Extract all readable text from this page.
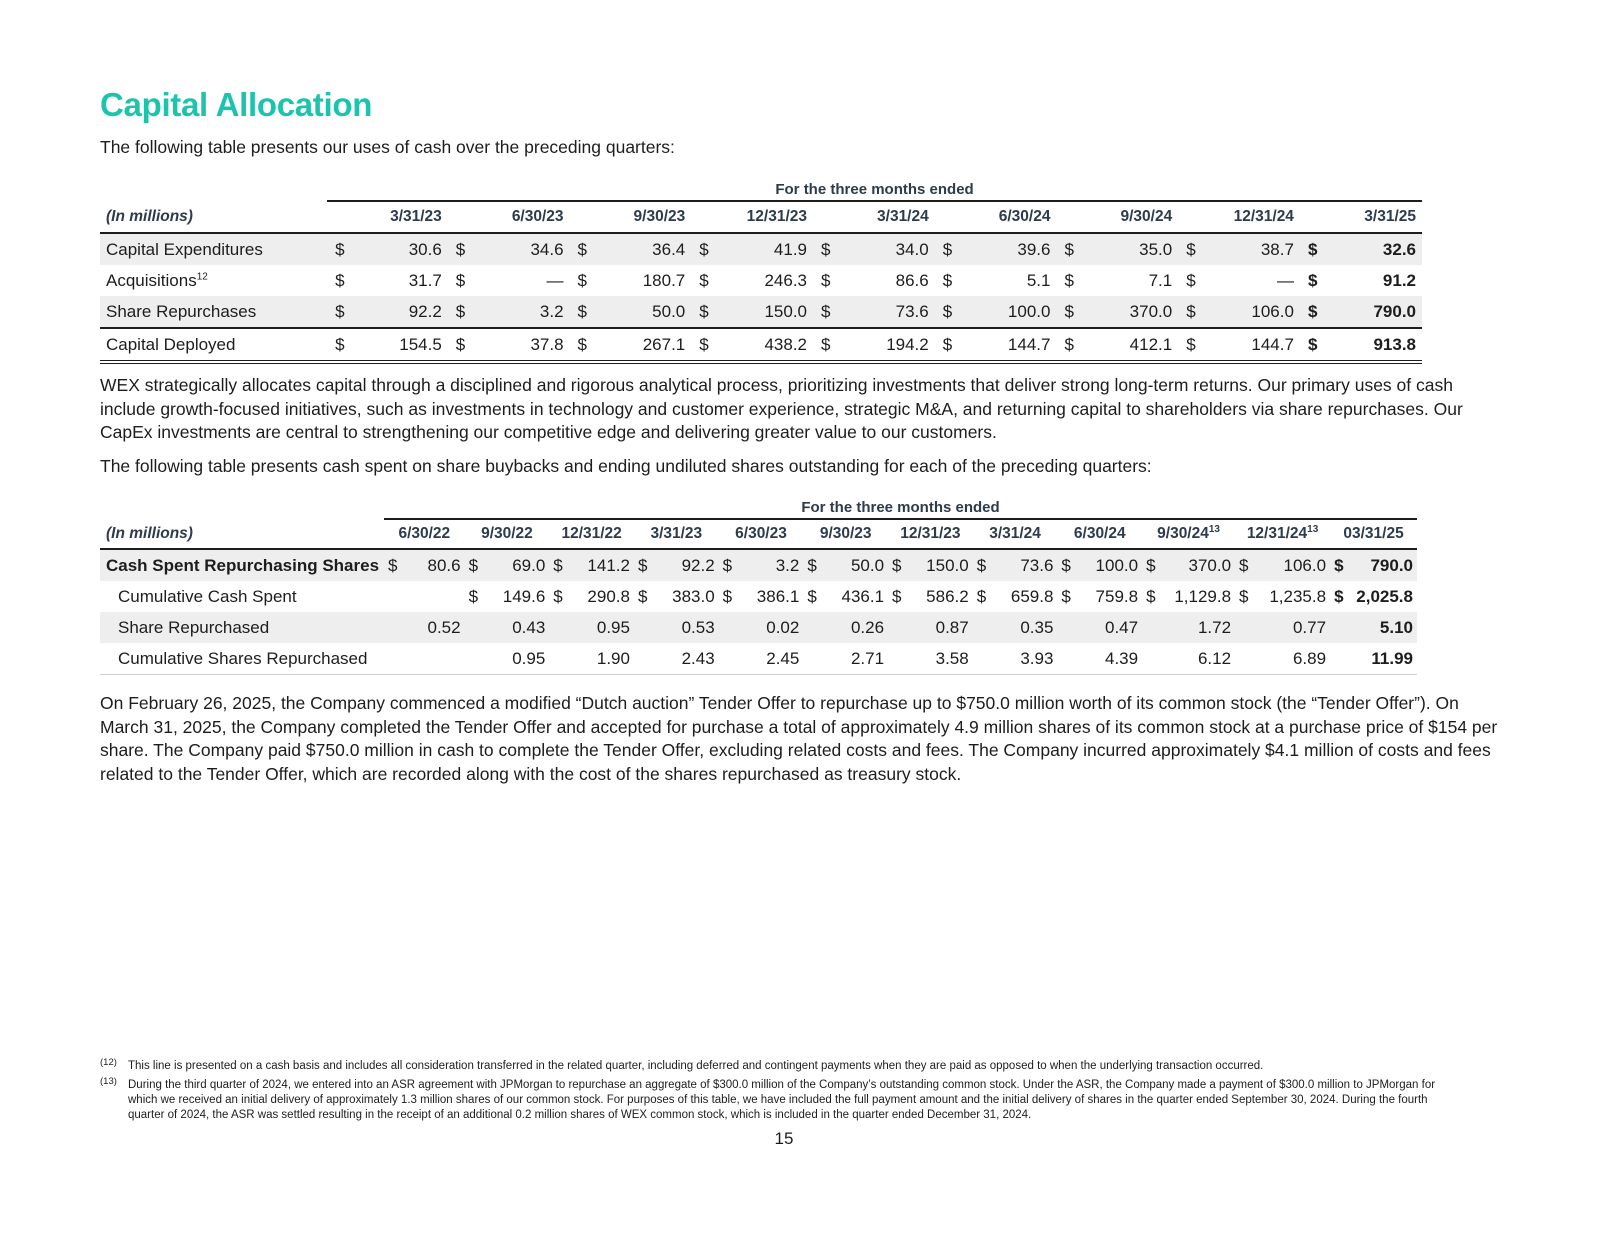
Capital Allocation

The following table presents our uses of cash over the preceding quarters:

	For the three months ended																	
(In millions)	3/31/23		6/30/23		9/30/23		12/31/23		3/31/24		6/30/24		9/30/24		12/31/24		3/31/25	
Capital Expenditures	$	30.6	$	34.6	$	36.4	$	41.9	$	34.0	$	39.6	$	35.0	$	38.7	$	32.6
Acquisitions$^{12}$	$	31.7	$	—	$	180.7	$	246.3	$	86.6	$	5.1	$	7.1	$	—	$	91.2
Share Repurchases	$	92.2	$	3.2	$	50.0	$	150.0	$	73.6	$	100.0	$	370.0	$	106.0	$	790.0
Capital Deployed	$	154.5	$	37.8	$	267.1	$	438.2	$	194.2	$	144.7	$	412.1	$	144.7	$	913.8

WEX strategically allocates capital through a disciplined and rigorous analytical process, prioritizing investments that deliver strong long-term returns. Our primary uses of cash include growth-focused initiatives, such as investments in technology and customer experience, strategic M&A, and returning capital to shareholders via share repurchases. Our CapEx investments are central to strengthening our competitive edge and delivering greater value to our customers.

The following table presents cash spent on share buybacks and ending undiluted shares outstanding for each of the preceding quarters:

	For the three months ended											
(In millions)	6/30/22	9/30/22	12/31/22	3/31/23	6/30/23	9/30/23	12/31/23	3/31/24	6/30/24	$9/30/24^{13}$	$12/31/24^{13}$	03/31/25
Cash Spent Repurchasing Shares	$ 80.6	$ 69.0	$ 141.2	$ 92.2	$ 3.2	$ 50.0	$ 150.0	$ 73.6	$ 100.0	$ 370.0	$ 106.0	$ 790.0

Cumulative Cash Spent		$ 149.6	$ 290.8	$ 383.0	$ 386.1	$ 436.1	$ 586.2	$ 659.8	$ 759.8	$ 1,129.8	$ 1,235.8	$ 2,025.8

Share Repurchased	0.52	0.43	0.95	0.53	0.02	0.26	0.87	0.35	0.47	1.72	0.77	5.10
Cumulative Shares Repurchased		0.95	1.90	2.43	2.45	2.71	3.58	3.93	4.39	6.12	6.89	11.99

On February 26, 2025, the Company commenced a modified “Dutch auction” Tender Offer to repurchase up to $750.0 million worth of its common stock (the “Tender Offer”). On March 31, 2025, the Company completed the Tender Offer and accepted for purchase a total of approximately 4.9 million shares of its common stock at a purchase price of $154 per share. The Company paid $750.0 million in cash to complete the Tender Offer, excluding related costs and fees. The Company incurred approximately $4.1 million of costs and fees related to the Tender Offer, which are recorded along with the cost of the shares repurchased as treasury stock.

(12) This line is presented on a cash basis and includes all consideration transferred in the related quarter, including deferred and contingent payments when they are paid as opposed to when the underlying transaction occurred.
(13) During the third quarter of 2024, we entered into an ASR agreement with JPMorgan to repurchase an aggregate of $300.0 million of the Company’s outstanding common stock. Under the ASR, the Company made a payment of $300.0 million to JPMorgan for which we received an initial delivery of approximately 1.3 million shares of our common stock. For purposes of this table, we have included the full payment amount and the initial delivery of shares in the quarter ended September 30, 2024. During the fourth quarter of 2024, the ASR was settled resulting in the receipt of an additional 0.2 million shares of WEX common stock, which is included in the quarter ended December 31, 2024.
15
